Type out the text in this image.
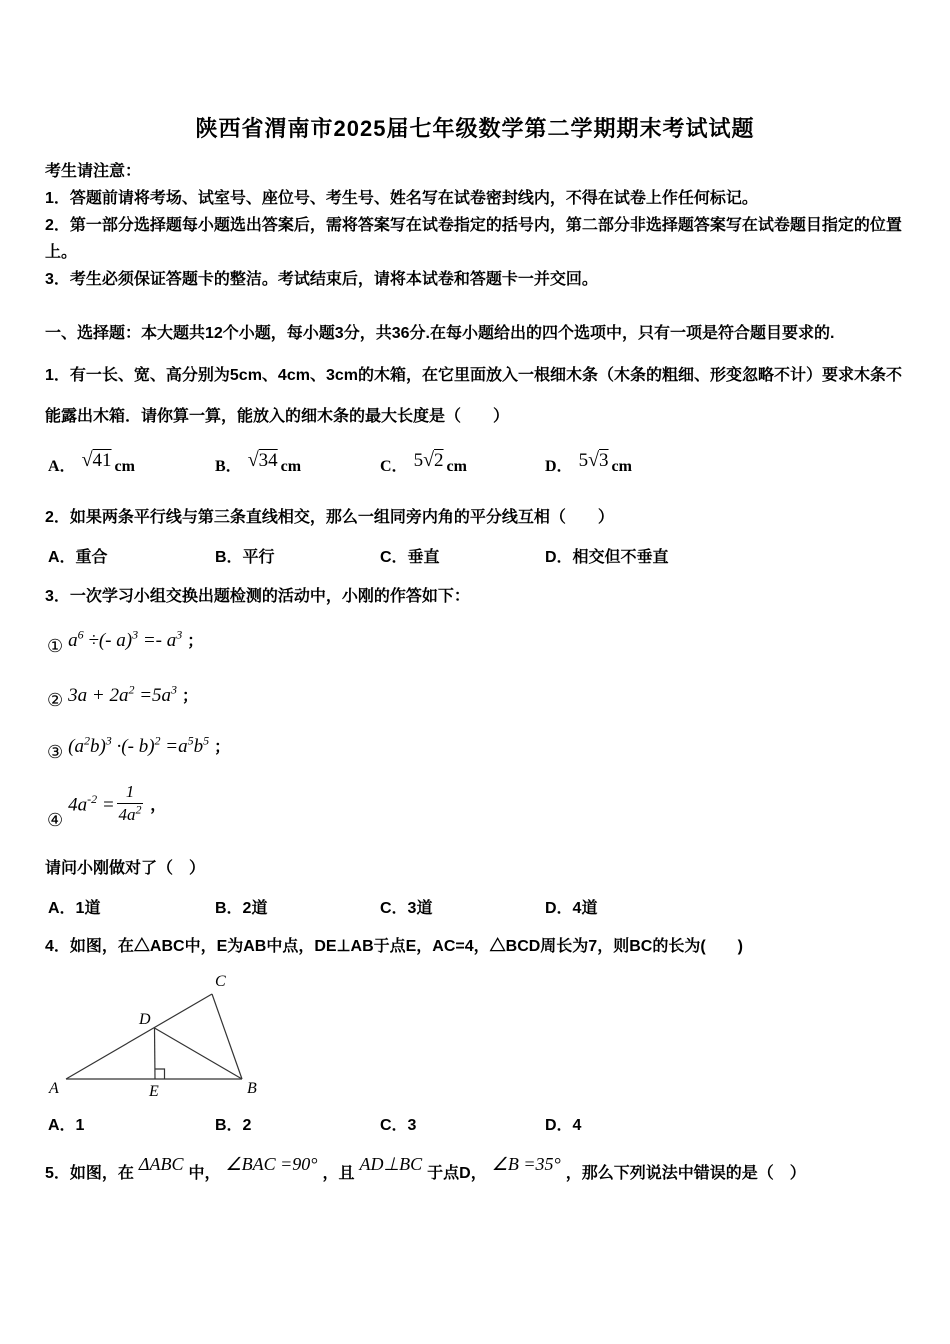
陕西省渭南市2025届七年级数学第二学期期末考试试题
考生请注意：
1．答题前请将考场、试室号、座位号、考生号、姓名写在试卷密封线内，不得在试卷上作任何标记。
2．第一部分选择题每小题选出答案后，需将答案写在试卷指定的括号内，第二部分非选择题答案写在试卷题目指定的位置上。
3．考生必须保证答题卡的整洁。考试结束后，请将本试卷和答题卡一并交回。
一、选择题：本大题共12个小题，每小题3分，共36分.在每小题给出的四个选项中，只有一项是符合题目要求的.
1．有一长、宽、高分别为5cm、4cm、3cm的木箱，在它里面放入一根细木条（木条的粗细、形变忽略不计）要求木条不能露出木箱．请你算一算，能放入的细木条的最大长度是（　　）
A． √41 cm	B． √34 cm	C． 5√2 cm	D． 5√3 cm
2．如果两条平行线与第三条直线相交，那么一组同旁内角的平分线互相（　　）
A．重合	B．平行	C．垂直	D．相交但不垂直
3．一次学习小组交换出题检测的活动中，小刚的作答如下：
① $a^6$ ÷(- $a)^3 =- a^3$ ；
② $3a + 2a^2 =5a^3$ ；
③ $(a^2b)^3$ ·(- $b)^2 =a^5b^5$ ；
④
$4a^{-2} = \frac{1}{4a^2}$ ，
请问小刚做对了（　）
A．1道	B．2道	C．3道	D．4道
4．如图，在△ABC中，E为AB中点，DE⊥AB于点E，AC=4，△BCD周长为7，则BC的长为(　　)
A	E	B
D
C
A．1	B．2	C．3	D．4
5．如图，在 ΔABC 中， ∠BAC =90° ，且 AD⊥BC 于点D， ∠B =35° ，那么下列说法中错误的是（　）
